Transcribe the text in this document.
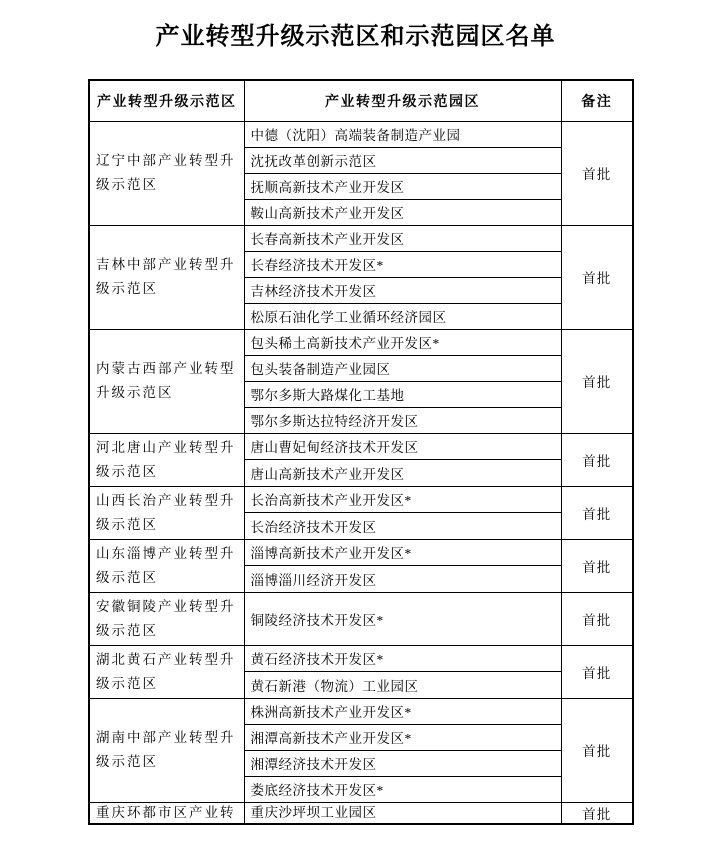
产业转型升级示范区和示范园区名单
产业转型升级示范区	产业转型升级示范园区	备注
辽宁中部产业转型升级示范区	中德（沈阳）高端装备制造产业园	首批
	沈抚改革创新示范区	
	抚顺高新技术产业开发区	
	鞍山高新技术产业开发区	
吉林中部产业转型升级示范区	长春高新技术产业开发区	首批
	长春经济技术开发区*	
	吉林经济技术开发区	
	松原石油化学工业循环经济园区	
内蒙古西部产业转型升级示范区	包头稀土高新技术产业开发区*	首批
	包头装备制造产业园区	
	鄂尔多斯大路煤化工基地	
	鄂尔多斯达拉特经济开发区	
河北唐山产业转型升级示范区	唐山曹妃甸经济技术开发区	首批
	唐山高新技术产业开发区	
山西长治产业转型升级示范区	长治高新技术产业开发区*	首批
	长治经济技术开发区	
山东淄博产业转型升级示范区	淄博高新技术产业开发区*	首批
	淄博淄川经济开发区	
安徽铜陵产业转型升级示范区	铜陵经济技术开发区*	首批
湖北黄石产业转型升级示范区	黄石经济技术开发区*	首批
	黄石新港（物流）工业园区	
湖南中部产业转型升级示范区	株洲高新技术产业开发区*	首批
	湘潭高新技术产业开发区*	
	湘潭经济技术开发区	
	娄底经济技术开发区*	
重庆环都市区产业转	重庆沙坪坝工业园区	首批
